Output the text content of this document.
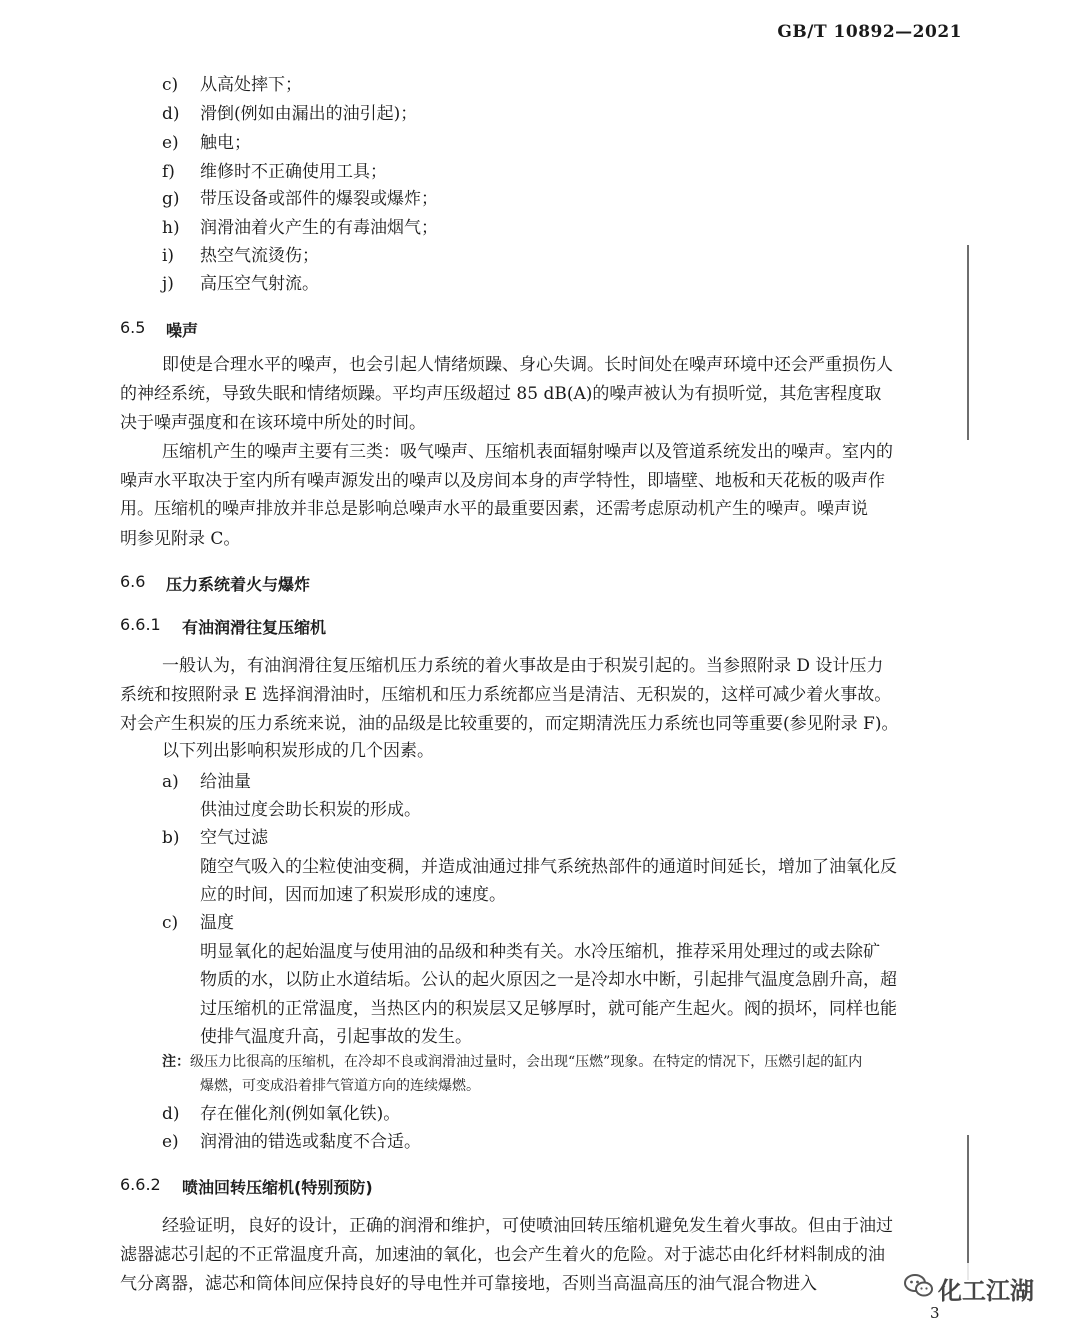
GB/T 10892—2021
c) 从高处摔下；
d) 滑倒(例如由漏出的油引起)；
e) 触电；
f) 维修时不正确使用工具；
g) 带压设备或部件的爆裂或爆炸；
h) 润滑油着火产生的有毒油烟气；
i) 热空气流烫伤；
j) 高压空气射流。
6.5 噪声
即使是合理水平的噪声，也会引起人情绪烦躁、身心失调。长时间处在噪声环境中还会严重损伤人
的神经系统，导致失眠和情绪烦躁。平均声压级超过 85 dB(A)的噪声被认为有损听觉，其危害程度取
决于噪声强度和在该环境中所处的时间。
压缩机产生的噪声主要有三类：吸气噪声、压缩机表面辐射噪声以及管道系统发出的噪声。室内的
噪声水平取决于室内所有噪声源发出的噪声以及房间本身的声学特性，即墙壁、地板和天花板的吸声作
用。压缩机的噪声排放并非总是影响总噪声水平的最重要因素，还需考虑原动机产生的噪声。噪声说
明参见附录 C。
6.6 压力系统着火与爆炸
6.6.1 有油润滑往复压缩机
一般认为，有油润滑往复压缩机压力系统的着火事故是由于积炭引起的。当参照附录 D 设计压力
系统和按照附录 E 选择润滑油时，压缩机和压力系统都应当是清洁、无积炭的，这样可减少着火事故。
对会产生积炭的压力系统来说，油的品级是比较重要的，而定期清洗压力系统也同等重要(参见附录 F)。
以下列出影响积炭形成的几个因素。
a) 给油量
供油过度会助长积炭的形成。
b) 空气过滤
随空气吸入的尘粒使油变稠，并造成油通过排气系统热部件的通道时间延长，增加了油氧化反
应的时间，因而加速了积炭形成的速度。
c) 温度
明显氧化的起始温度与使用油的品级和种类有关。水冷压缩机，推荐采用处理过的或去除矿
物质的水，以防止水道结垢。公认的起火原因之一是冷却水中断，引起排气温度急剧升高，超
过压缩机的正常温度，当热区内的积炭层又足够厚时，就可能产生起火。阀的损坏，同样也能
使排气温度升高，引起事故的发生。
注：级压力比很高的压缩机，在冷却不良或润滑油过量时，会出现“压燃”现象。在特定的情况下，压燃引起的缸内
爆燃，可变成沿着排气管道方向的连续爆燃。
d) 存在催化剂(例如氧化铁)。
e) 润滑油的错选或黏度不合适。
6.6.2 喷油回转压缩机(特别预防)
经验证明，良好的设计，正确的润滑和维护，可使喷油回转压缩机避免发生着火事故。但由于油过
滤器滤芯引起的不正常温度升高，加速油的氧化，也会产生着火的危险。对于滤芯由化纤材料制成的油
气分离器，滤芯和筒体间应保持良好的导电性并可靠接地，否则当高温高压的油气混合物进入	化工江湖
3
